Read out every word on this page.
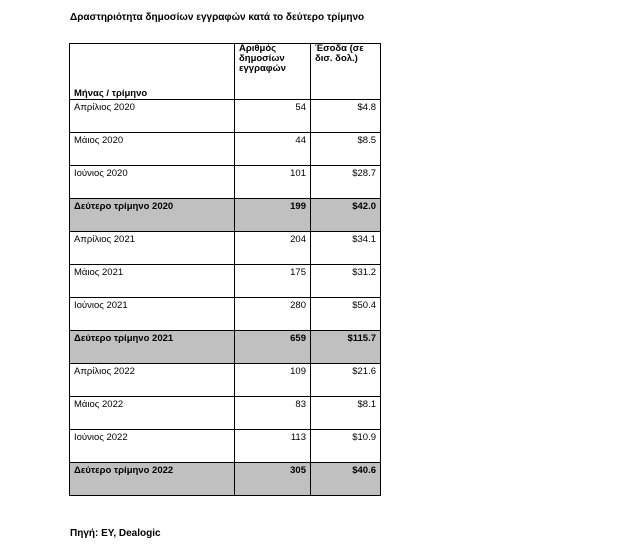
Δραστηριότητα δημοσίων εγγραφών κατά το δεύτερο τρίμηνο
Μήνας / τρίμηνο	Αριθμός δημοσίων εγγραφών	Έσοδα (σε δισ. δολ.)
Απρίλιος 2020	54	$4.8
Μάιος 2020	44	$8.5
Ιούνιος 2020	101	$28.7
Δεύτερο τρίμηνο 2020	199	$42.0
Απρίλιος 2021	204	$34.1
Μάιος 2021	175	$31.2
Ιούνιος 2021	280	$50.4
Δεύτερο τρίμηνο 2021	659	$115.7
Απρίλιος 2022	109	$21.6
Μάιος 2022	83	$8.1
Ιούνιος 2022	113	$10.9
Δεύτερο τρίμηνο 2022	305	$40.6
Πηγή: EY, Dealogic
